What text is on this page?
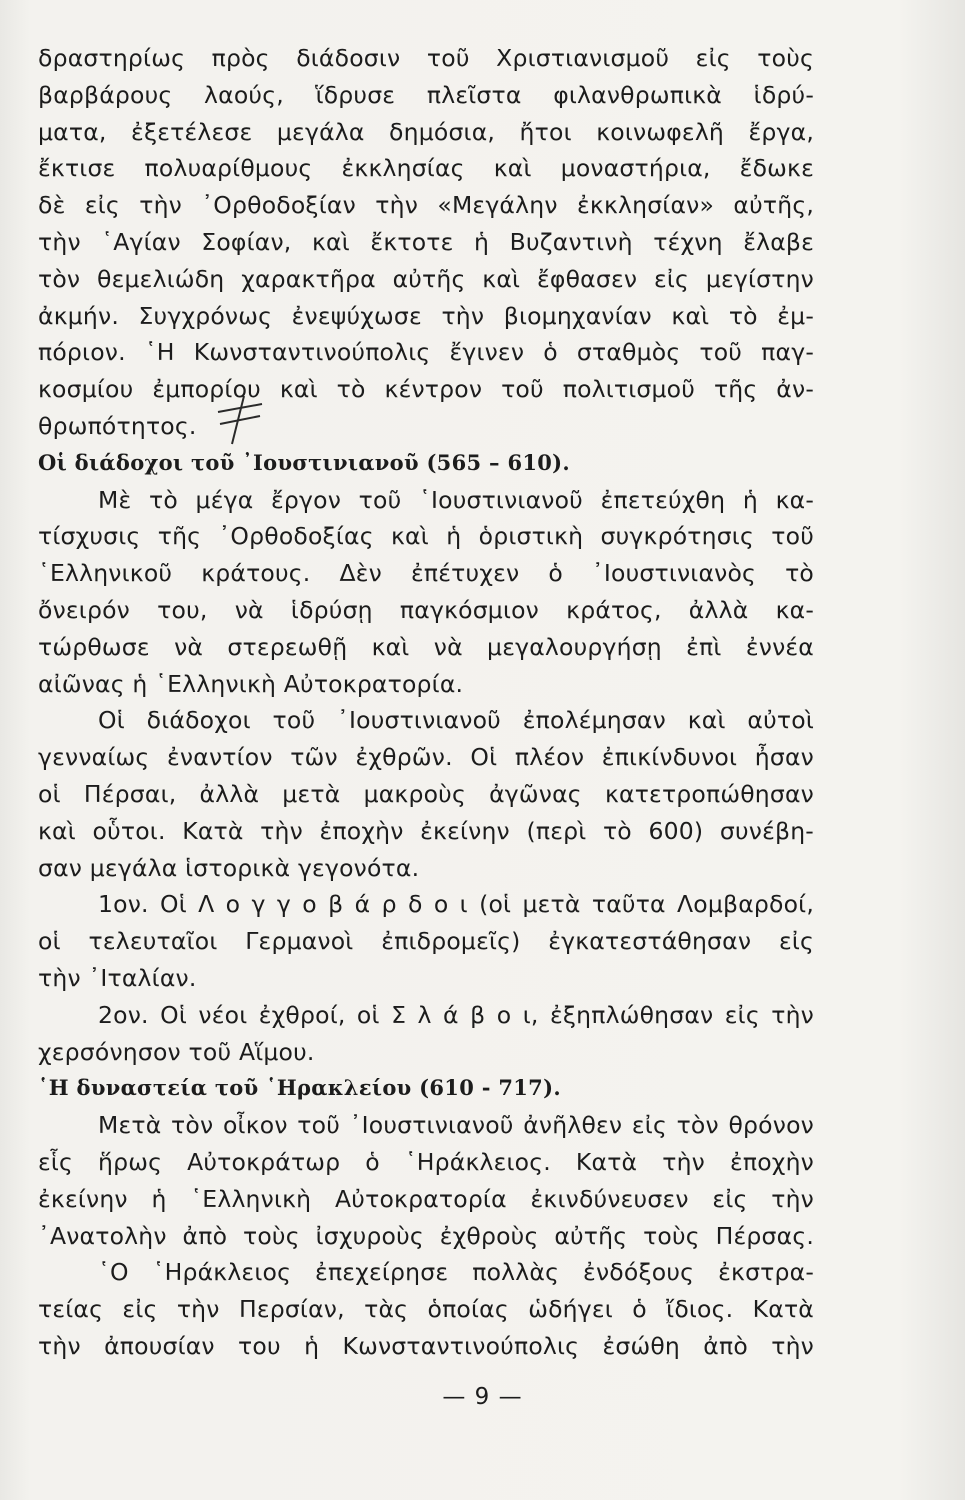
δραστηρίως πρὸς διάδοσιν τοῦ Χριστιανισμοῦ εἰς τοὺς
βαρβάρους λαούς, ἵδρυσε πλεῖστα φιλανθρωπικὰ ἱδρύ-
ματα, ἐξετέλεσε μεγάλα δημόσια, ἤτοι κοινωφελῆ ἔργα,
ἔκτισε πολυαρίθμους ἐκκλησίας καὶ μοναστήρια, ἔδωκε
δὲ εἰς τὴν ᾿Ορθοδοξίαν τὴν «Μεγάλην ἐκκλησίαν» αὐτῆς,
τὴν ῾Αγίαν Σοφίαν, καὶ ἔκτοτε ἡ Βυζαντινὴ τέχνη ἔλαβε
τὸν θεμελιώδη χαρακτῆρα αὐτῆς καὶ ἔφθασεν εἰς μεγίστην
ἀκμήν. Συγχρόνως ἐνεψύχωσε τὴν βιομηχανίαν καὶ τὸ ἐμ-
πόριον. ῾Η Κωνσταντινούπολις ἔγινεν ὁ σταθμὸς τοῦ παγ-
κοσμίου ἐμπορίου καὶ τὸ κέντρον τοῦ πολιτισμοῦ τῆς ἀν-
θρωπότητος.
Οἱ διάδοχοι τοῦ ᾿Ιουστινιανοῦ (565 – 610).
Μὲ τὸ μέγα ἔργον τοῦ ῾Ιουστινιανοῦ ἐπετεύχθη ἡ κα-
τίσχυσις τῆς ᾿Ορθοδοξίας καὶ ἡ ὁριστικὴ συγκρότησις τοῦ
῾Ελληνικοῦ κράτους. Δὲν ἐπέτυχεν ὁ ᾿Ιουστινιανὸς τὸ
ὄνειρόν του, νὰ ἱδρύσῃ παγκόσμιον κράτος, ἀλλὰ κα-
τώρθωσε νὰ στερεωθῇ καὶ νὰ μεγαλουργήσῃ ἐπὶ ἐννέα
αἰῶνας ἡ ῾Ελληνικὴ Αὐτοκρατορία.
Οἱ διάδοχοι τοῦ ᾿Ιουστινιανοῦ ἐπολέμησαν καὶ αὐτοὶ
γενναίως ἐναντίον τῶν ἐχθρῶν. Οἱ πλέον ἐπικίνδυνοι ἦσαν
οἱ Πέρσαι, ἀλλὰ μετὰ μακροὺς ἀγῶνας κατετροπώθησαν
καὶ οὗτοι. Κατὰ τὴν ἐποχὴν ἐκείνην (περὶ τὸ 600) συνέβη-
σαν μεγάλα ἱστορικὰ γεγονότα.
1ον. Οἱ Λ ο γ γ ο β ά ρ δ ο ι (οἱ μετὰ ταῦτα Λομβαρδοί,
οἱ τελευταῖοι Γερμανοὶ ἐπιδρομεῖς) ἐγκατεστάθησαν εἰς
τὴν ᾿Ιταλίαν.
2ον. Οἱ νέοι ἐχθροί, οἱ Σ λ ά β ο ι, ἐξηπλώθησαν εἰς τὴν
χερσόνησον τοῦ Αἵμου.
῾Η δυναστεία τοῦ ῾Ηρακλείου (610 - 717).
Μετὰ τὸν οἶκον τοῦ ᾿Ιουστινιανοῦ ἀνῆλθεν εἰς τὸν θρόνον
εἷς ἥρως Αὐτοκράτωρ ὁ ῾Ηράκλειος. Κατὰ τὴν ἐποχὴν
ἐκείνην ἡ ῾Ελληνικὴ Αὐτοκρατορία ἐκινδύνευσεν εἰς τὴν
᾿Ανατολὴν ἀπὸ τοὺς ἰσχυροὺς ἐχθροὺς αὐτῆς τοὺς Πέρσας.
῾Ο ῾Ηράκλειος ἐπεχείρησε πολλὰς ἐνδόξους ἐκστρα-
τείας εἰς τὴν Περσίαν, τὰς ὁποίας ὡδήγει ὁ ἴδιος. Κατὰ
τὴν ἀπουσίαν του ἡ Κωνσταντινούπολις ἐσώθη ἀπὸ τὴν
— 9 —
